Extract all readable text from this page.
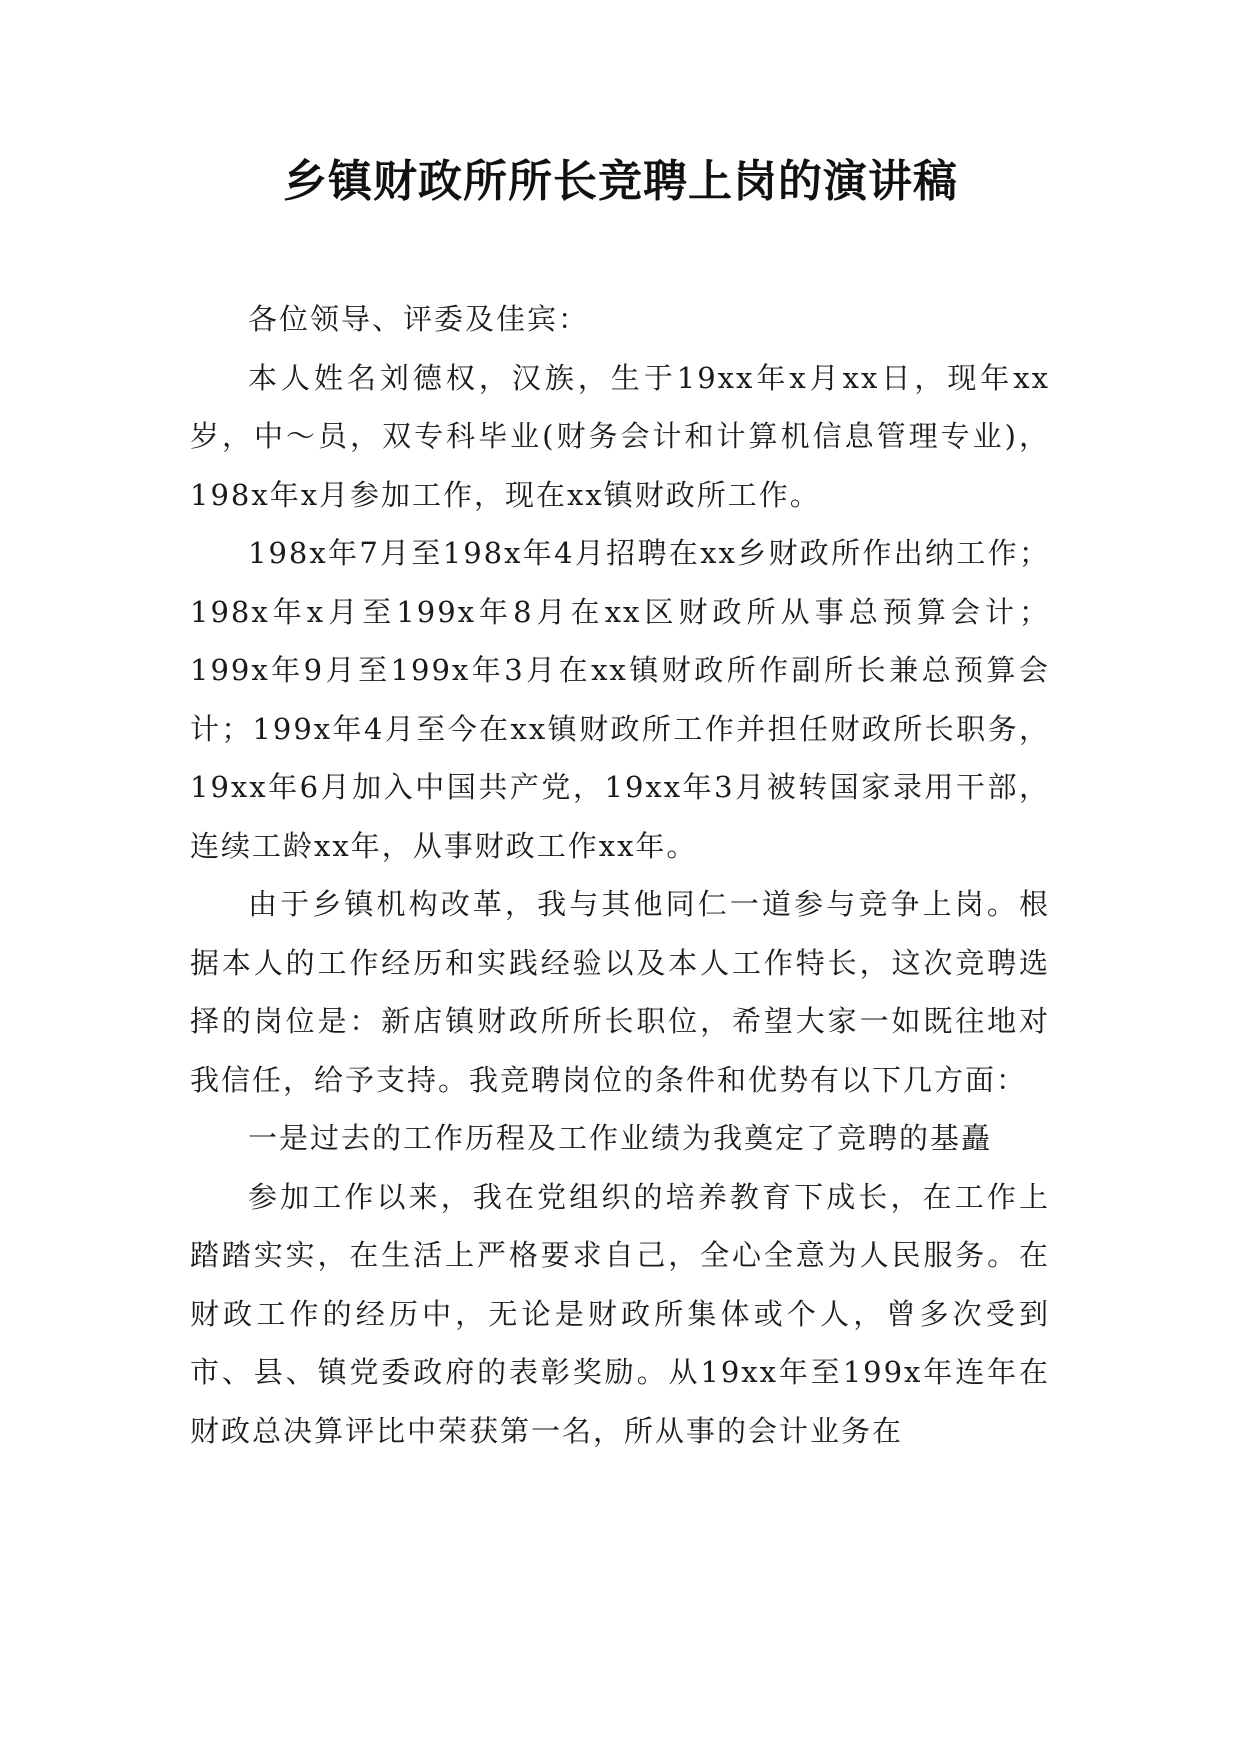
乡镇财政所所长竞聘上岗的演讲稿

各位领导、评委及佳宾：

本人姓名刘德权，汉族，生于19xx年x月xx日，现年xx岁，中～员，双专科毕业(财务会计和计算机信息管理专业)，198x年x月参加工作，现在xx镇财政所工作。

198x年7月至198x年4月招聘在xx乡财政所作出纳工作；198x年x月至199x年8月在xx区财政所从事总预算会计；199x年9月至199x年3月在xx镇财政所作副所长兼总预算会计；199x年4月至今在xx镇财政所工作并担任财政所长职务，19xx年6月加入中国共产党，19xx年3月被转国家录用干部，连续工龄xx年，从事财政工作xx年。

由于乡镇机构改革，我与其他同仁一道参与竞争上岗。根据本人的工作经历和实践经验以及本人工作特长，这次竞聘选择的岗位是：新店镇财政所所长职位，希望大家一如既往地对我信任，给予支持。我竞聘岗位的条件和优势有以下几方面：

一是过去的工作历程及工作业绩为我奠定了竞聘的基矗

参加工作以来，我在党组织的培养教育下成长，在工作上踏踏实实，在生活上严格要求自己，全心全意为人民服务。在财政工作的经历中，无论是财政所集体或个人，曾多次受到市、县、镇党委政府的表彰奖励。从19xx年至199x年连年在财政总决算评比中荣获第一名，所从事的会计业务在
